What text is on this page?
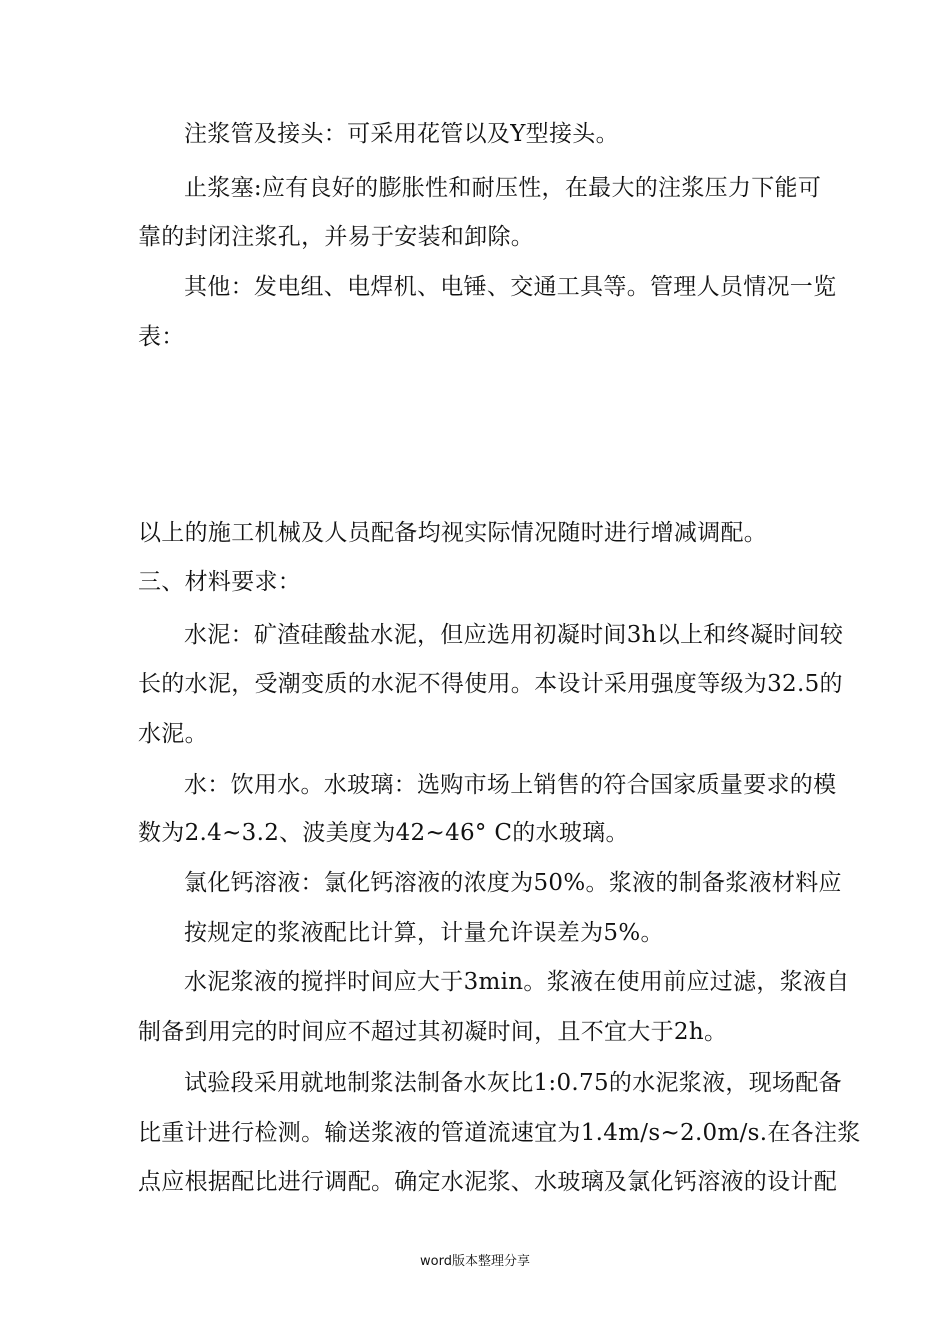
注浆管及接头：可采用花管以及Y型接头。
止浆塞:应有良好的膨胀性和耐压性，在最大的注浆压力下能可
靠的封闭注浆孔，并易于安装和卸除。
其他：发电组、电焊机、电锤、交通工具等。管理人员情况一览
表：
以上的施工机械及人员配备均视实际情况随时进行增减调配。
三、材料要求：
水泥：矿渣硅酸盐水泥，但应选用初凝时间3h以上和终凝时间较
长的水泥，受潮变质的水泥不得使用。本设计采用强度等级为32.5的
水泥。
水：饮用水。水玻璃：选购市场上销售的符合国家质量要求的模
数为2.4~3.2、波美度为42~46° C的水玻璃。
氯化钙溶液：氯化钙溶液的浓度为50%。浆液的制备浆液材料应
按规定的浆液配比计算，计量允许误差为5%。
水泥浆液的搅拌时间应大于3min。浆液在使用前应过滤，浆液自
制备到用完的时间应不超过其初凝时间，且不宜大于2h。
试验段采用就地制浆法制备水灰比1:0.75的水泥浆液，现场配备
比重计进行检测。输送浆液的管道流速宜为1.4m/s~2.0m/s.在各注浆
点应根据配比进行调配。确定水泥浆、水玻璃及氯化钙溶液的设计配
word版本整理分享
